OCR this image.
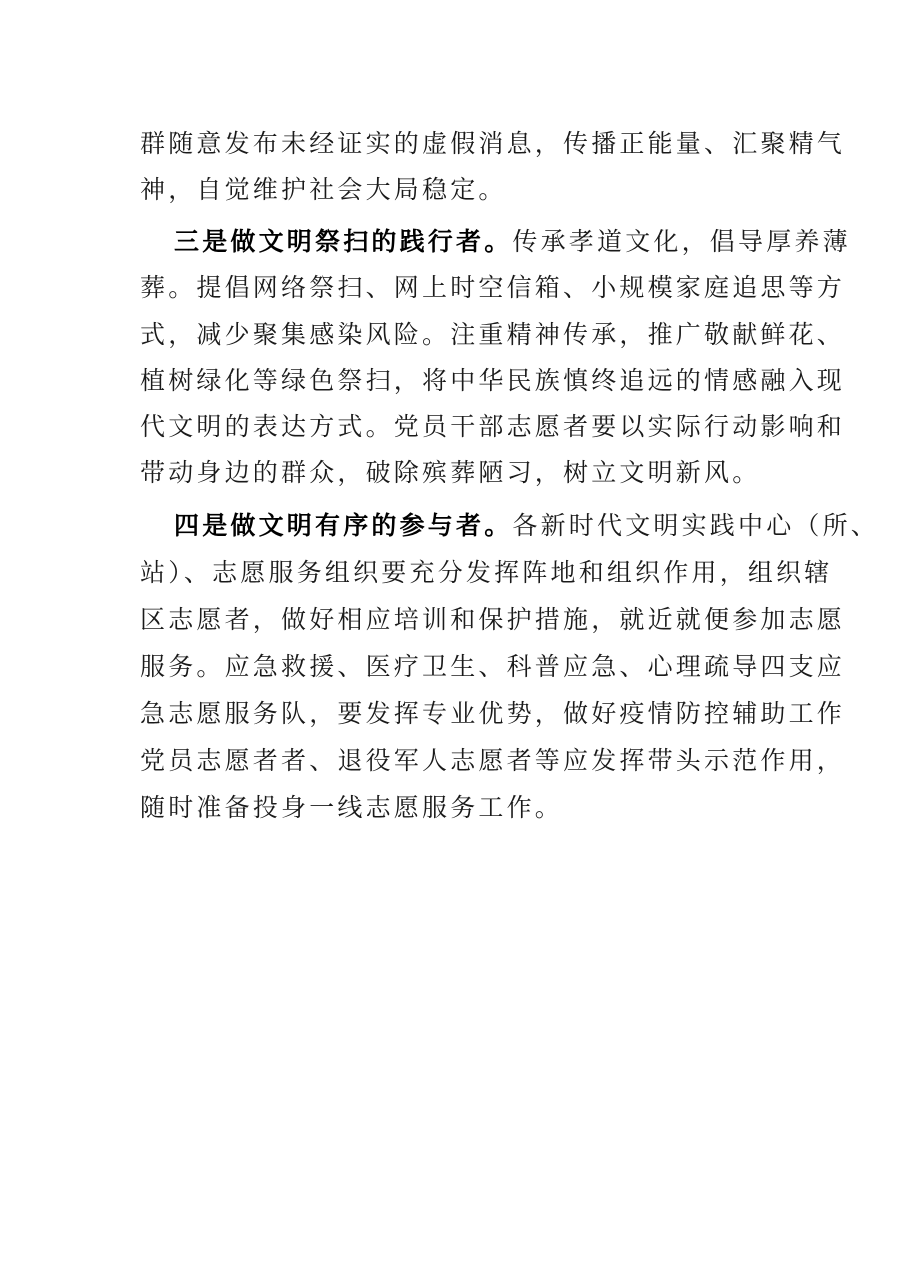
群随意发布未经证实的虚假消息，传播正能量、汇聚精气
神，自觉维护社会大局稳定。
三是做文明祭扫的践行者。传承孝道文化，倡导厚养薄
葬。提倡网络祭扫、网上时空信箱、小规模家庭追思等方
式，减少聚集感染风险。注重精神传承，推广敬献鲜花、
植树绿化等绿色祭扫，将中华民族慎终追远的情感融入现
代文明的表达方式。党员干部志愿者要以实际行动影响和
带动身边的群众，破除殡葬陋习，树立文明新风。
四是做文明有序的参与者。各新时代文明实践中心（所、
站）、志愿服务组织要充分发挥阵地和组织作用，组织辖
区志愿者，做好相应培训和保护措施，就近就便参加志愿
服务。应急救援、医疗卫生、科普应急、心理疏导四支应
急志愿服务队，要发挥专业优势，做好疫情防控辅助工作
党员志愿者者、退役军人志愿者等应发挥带头示范作用，
随时准备投身一线志愿服务工作。
